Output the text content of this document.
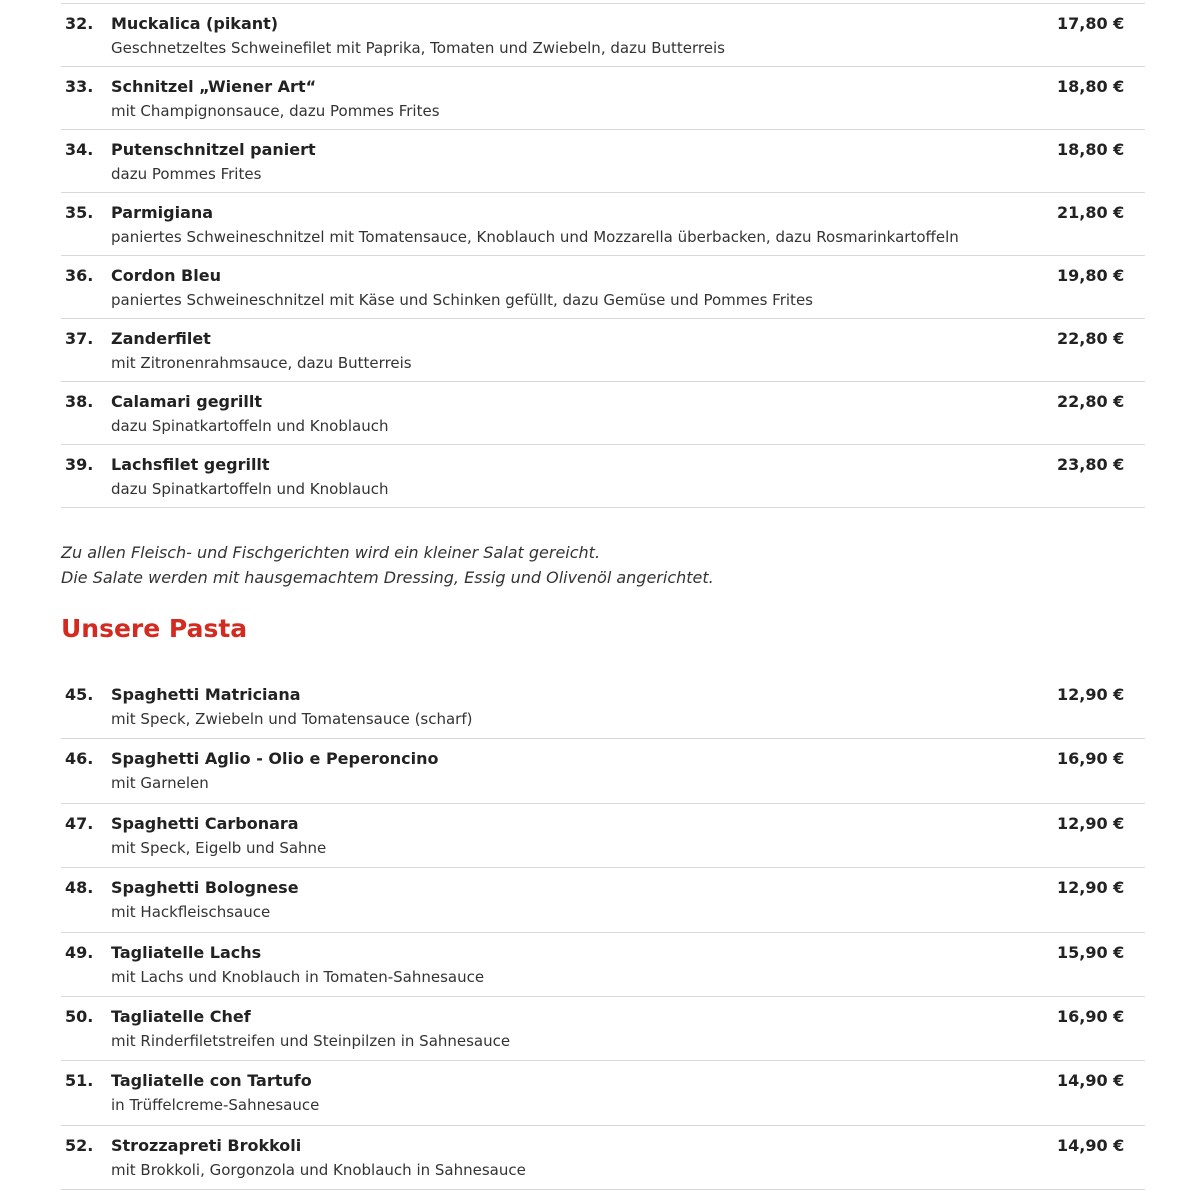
32. Muckalica (pikant)
Geschnetzeltes Schweinefilet mit Paprika, Tomaten und Zwiebeln, dazu Butterreis
17,80 €
33. Schnitzel „Wiener Art“
mit Champignonsauce, dazu Pommes Frites
18,80 €
34. Putenschnitzel paniert
dazu Pommes Frites
18,80 €
35. Parmigiana
paniertes Schweineschnitzel mit Tomatensauce, Knoblauch und Mozzarella überbacken, dazu Rosmarinkartoffeln
21,80 €
36. Cordon Bleu
paniertes Schweineschnitzel mit Käse und Schinken gefüllt, dazu Gemüse und Pommes Frites
19,80 €
37. Zanderfilet
mit Zitronenrahmsauce, dazu Butterreis
22,80 €
38. Calamari gegrillt
dazu Spinatkartoffeln und Knoblauch
22,80 €
39. Lachsfilet gegrillt
dazu Spinatkartoffeln und Knoblauch
23,80 €

Zu allen Fleisch- und Fischgerichten wird ein kleiner Salat gereicht.

Die Salate werden mit hausgemachtem Dressing, Essig und Olivenöl angerichtet.

Unsere Pasta
45. Spaghetti Matriciana
mit Speck, Zwiebeln und Tomatensauce (scharf)
12,90 €
46. Spaghetti Aglio - Olio e Peperoncino
mit Garnelen
16,90 €
47. Spaghetti Carbonara
mit Speck, Eigelb und Sahne
12,90 €
48. Spaghetti Bolognese
mit Hackfleischsauce
12,90 €
49. Tagliatelle Lachs
mit Lachs und Knoblauch in Tomaten-Sahnesauce
15,90 €
50. Tagliatelle Chef
mit Rinderfiletstreifen und Steinpilzen in Sahnesauce
16,90 €
51. Tagliatelle con Tartufo
in Trüffelcreme-Sahnesauce
14,90 €
52. Strozzapreti Brokkoli
mit Brokkoli, Gorgonzola und Knoblauch in Sahnesauce
14,90 €
